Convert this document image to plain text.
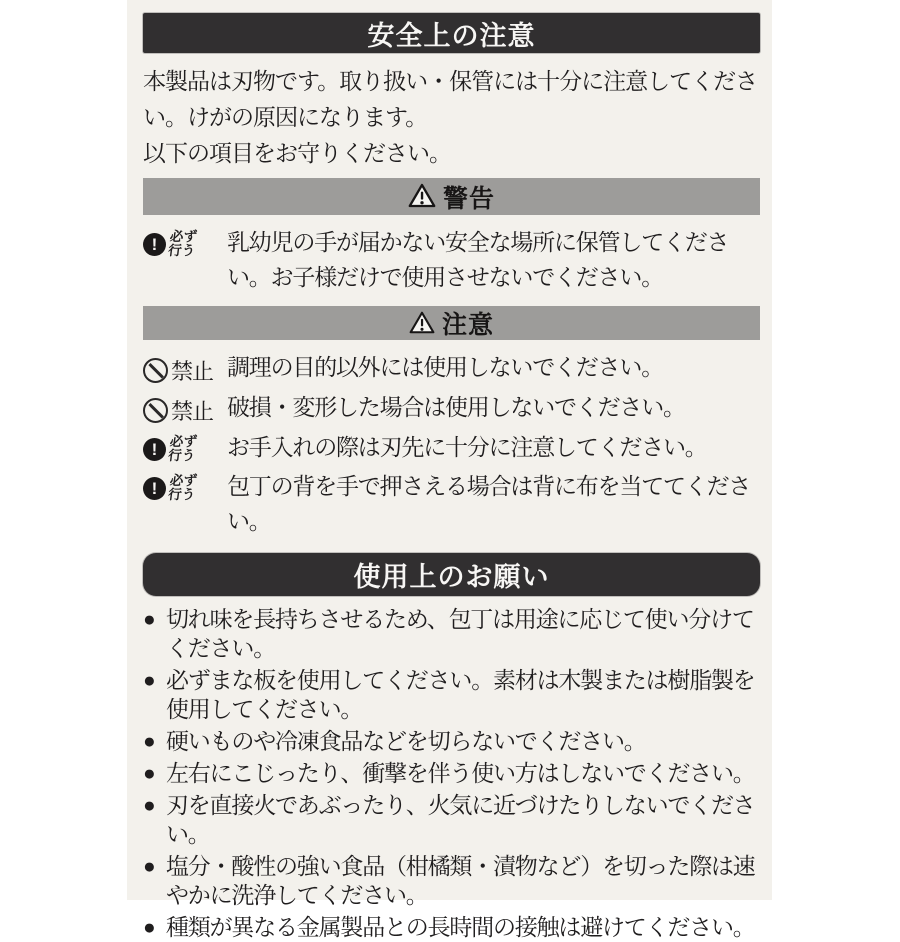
安全上の注意

本製品は刃物です。取り扱い・保管には十分に注意してください。けがの原因になります。

以下の項目をお守りください。

警告
! 必ず
行う 乳幼児の手が届かない安全な場所に保管してください。お子様だけで使用させないでください。

注意
禁止 調理の目的以外には使用しないでください。

禁止 破損・変形した場合は使用しないでください。

! 必ず
行う お手入れの際は刃先に十分に注意してください。

! 必ず
行う 包丁の背を手で押さえる場合は背に布を当ててください。

使用上のお願い
● 切れ味を長持ちさせるため、包丁は用途に応じて使い分けてください。

● 必ずまな板を使用してください。素材は木製または樹脂製を使用してください。

● 硬いものや冷凍食品などを切らないでください。

● 左右にこじったり、衝撃を伴う使い方はしないでください。

● 刃を直接火であぶったり、火気に近づけたりしないでください。

● 塩分・酸性の強い食品（柑橘類・漬物など）を切った際は速やかに洗浄してください。

● 種類が異なる金属製品との長時間の接触は避けてください。
